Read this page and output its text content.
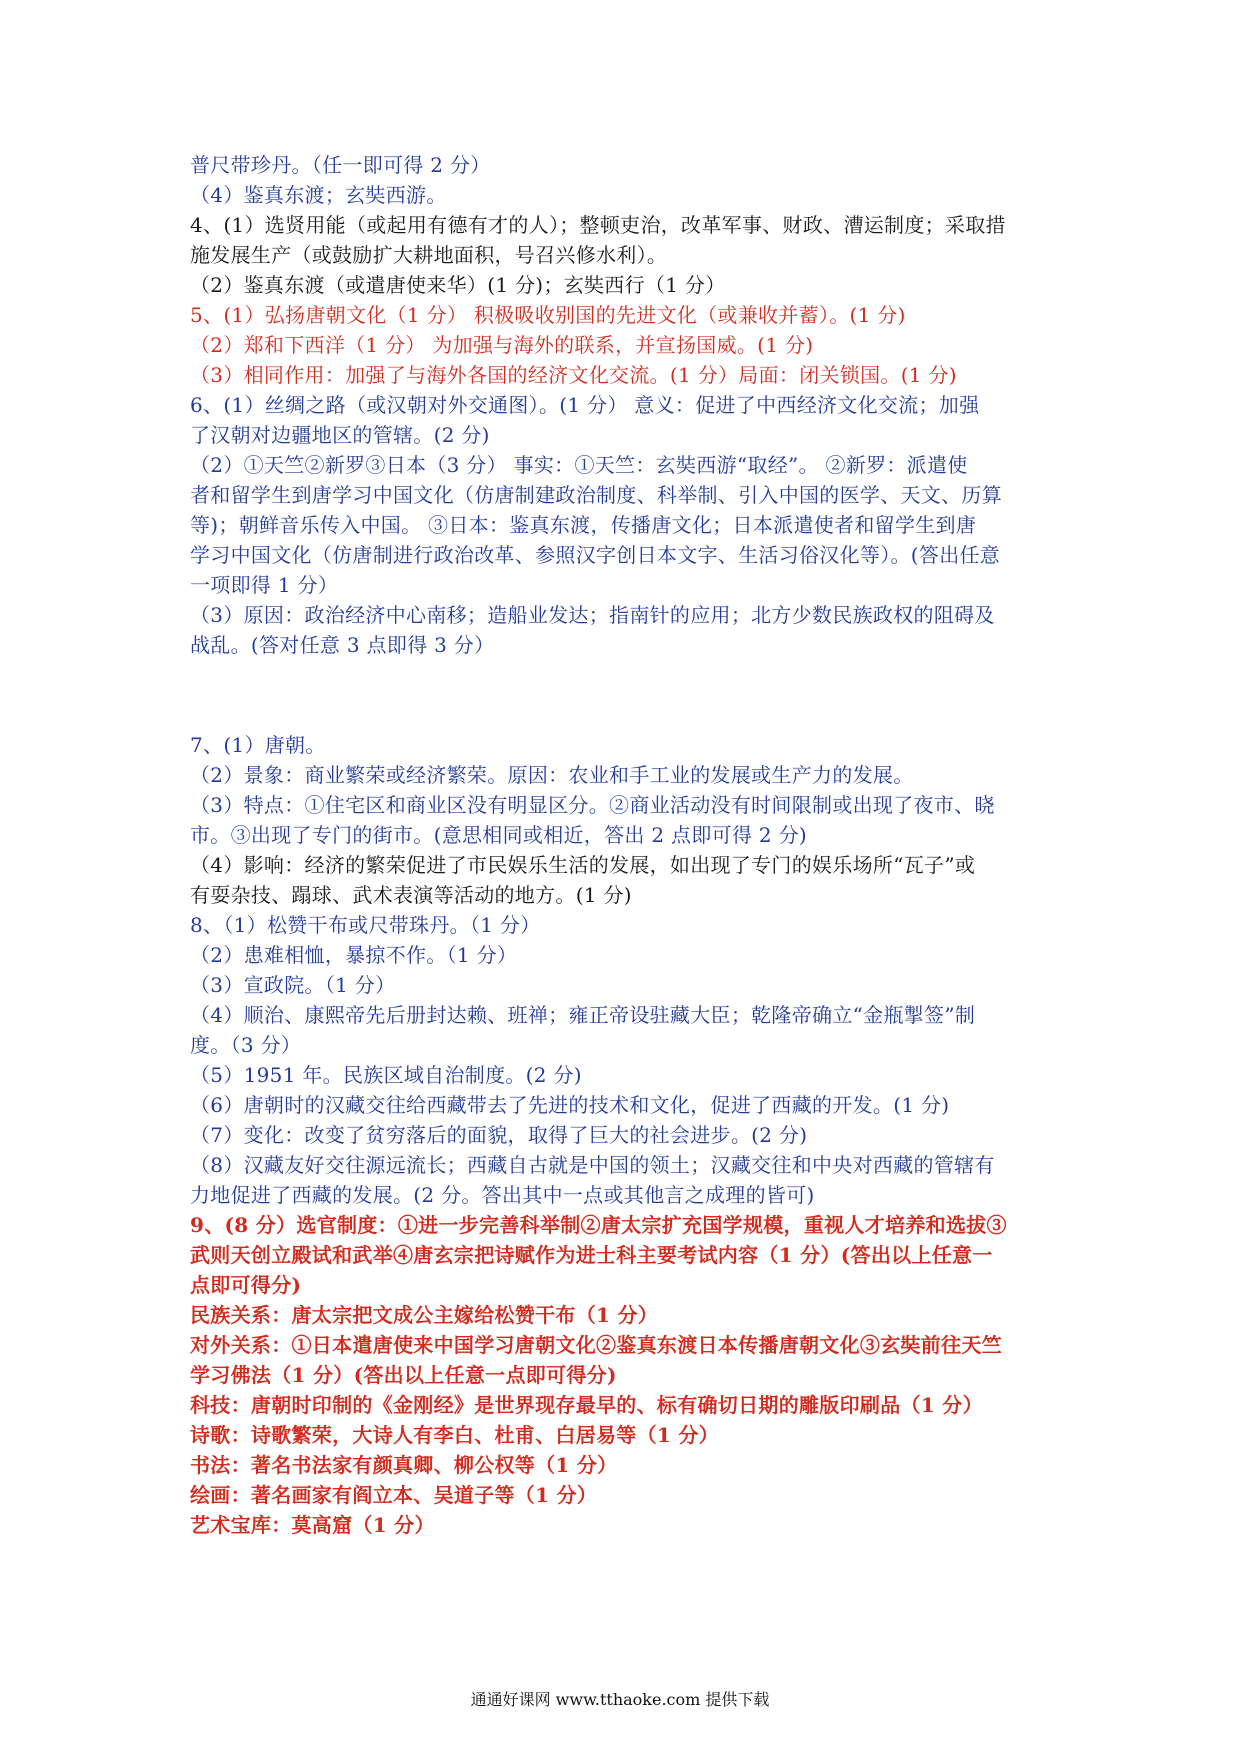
普尺带珍丹。（任一即可得 2 分）

（4）鉴真东渡；玄奘西游。

4、(1）选贤用能（或起用有德有才的人）；整顿吏治，改革军事、财政、漕运制度；采取措

施发展生产（或鼓励扩大耕地面积，号召兴修水利）。

（2）鉴真东渡（或遣唐使来华）(1 分)；玄奘西行（1 分）

5、(1）弘扬唐朝文化（1 分） 积极吸收别国的先进文化（或兼收并蓄）。(1 分)

（2）郑和下西洋（1 分） 为加强与海外的联系，并宣扬国威。(1 分)

（3）相同作用：加强了与海外各国的经济文化交流。(1 分）局面：闭关锁国。(1 分)

6、(1）丝绸之路（或汉朝对外交通图）。(1 分） 意义：促进了中西经济文化交流；加强

了汉朝对边疆地区的管辖。(2 分)

（2）①天竺②新罗③日本（3 分） 事实：①天竺：玄奘西游“取经”。 ②新罗：派遣使

者和留学生到唐学习中国文化（仿唐制建政治制度、科举制、引入中国的医学、天文、历算

等)；朝鲜音乐传入中国。 ③日本：鉴真东渡，传播唐文化；日本派遣使者和留学生到唐

学习中国文化（仿唐制进行政治改革、参照汉字创日本文字、生活习俗汉化等）。(答出任意

一项即得 1 分）

（3）原因：政治经济中心南移；造船业发达；指南针的应用；北方少数民族政权的阻碍及

战乱。(答对任意 3 点即得 3 分）

7、(1）唐朝。

（2）景象：商业繁荣或经济繁荣。原因：农业和手工业的发展或生产力的发展。

（3）特点：①住宅区和商业区没有明显区分。②商业活动没有时间限制或出现了夜市、晓

市。③出现了专门的街市。(意思相同或相近，答出 2 点即可得 2 分)

（4）影响：经济的繁荣促进了市民娱乐生活的发展，如出现了专门的娱乐场所“瓦子”或

有耍杂技、蹋球、武术表演等活动的地方。(1 分)

8、（1）松赞干布或尺带珠丹。（1 分）

（2）患难相恤，暴掠不作。（1 分）

（3）宣政院。（1 分）

（4）顺治、康熙帝先后册封达赖、班禅；雍正帝设驻藏大臣；乾隆帝确立“金瓶掣签”制

度。（3 分）

（5）1951 年。民族区域自治制度。(2 分)

（6）唐朝时的汉藏交往给西藏带去了先进的技术和文化，促进了西藏的开发。(1 分)

（7）变化：改变了贫穷落后的面貌，取得了巨大的社会进步。(2 分)

（8）汉藏友好交往源远流长；西藏自古就是中国的领土；汉藏交往和中央对西藏的管辖有

力地促进了西藏的发展。(2 分。答出其中一点或其他言之成理的皆可)

9、(8 分）选官制度：①进一步完善科举制②唐太宗扩充国学规模，重视人才培养和选拔③

武则天创立殿试和武举④唐玄宗把诗赋作为进士科主要考试内容（1 分）(答出以上任意一

点即可得分)

民族关系：唐太宗把文成公主嫁给松赞干布（1 分）

对外关系：①日本遣唐使来中国学习唐朝文化②鉴真东渡日本传播唐朝文化③玄奘前往天竺

学习佛法（1 分）(答出以上任意一点即可得分)

科技：唐朝时印制的《金刚经》是世界现存最早的、标有确切日期的雕版印刷品（1 分）

诗歌：诗歌繁荣，大诗人有李白、杜甫、白居易等（1 分）

书法：著名书法家有颜真卿、柳公权等（1 分）

绘画：著名画家有阎立本、吴道子等（1 分）

艺术宝库：莫高窟（1 分）

通通好课网 www.tthaoke.com 提供下载
